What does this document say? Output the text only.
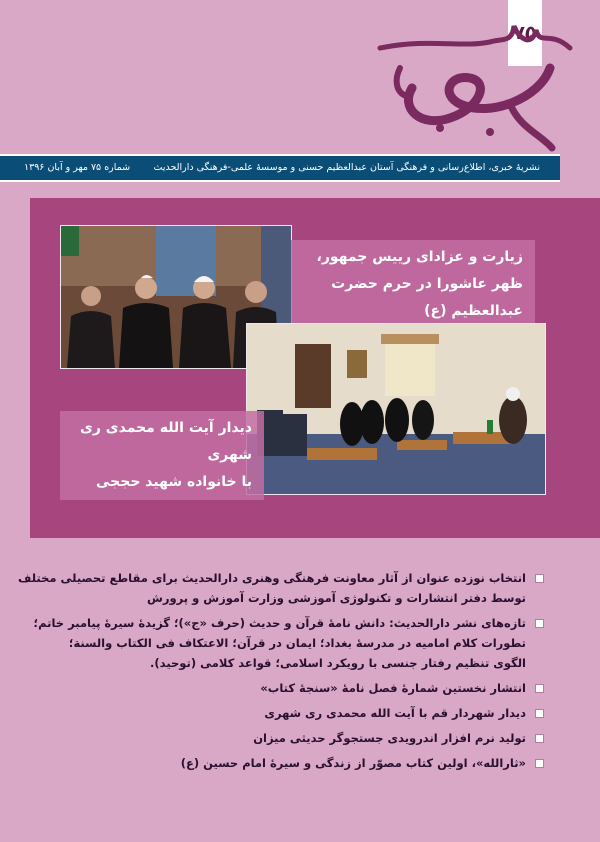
۷۵
نشریهٔ خبری، اطلاع‌رسانی و فرهنگی آستان عبدالعظیم حسنی و موسسهٔ علمی-فرهنگی دارالحدیث
شماره ۷۵ مهر و آبان ۱۳۹۶
زیارت و عزادای رییس جمهور،
ظهر عاشورا در حرم حضرت عبدالعظیم (ع)
دیدار آیت الله محمدی ری شهری
با خانواده شهید حججی
انتخاب نوزده عنوان از آثار معاونت فرهنگی وهنری دارالحدیث برای مقاطع تحصیلی مختلف
توسط دفتر انتشارات و تکنولوژی آموزشی وزارت آموزش و پرورش
تازه‌های نشر دارالحدیث: دانش نامهٔ قرآن و حدیث (حرف «ج»)؛ گزیدهٔ سیرهٔ پیامبر خاتم؛
تطورات کلام امامیه در مدرسهٔ بغداد؛ ایمان در قرآن؛ الاعتکاف فی الکتاب والسنة؛
الگوی تنظیم رفتار جنسی با رویکرد اسلامی؛ قواعد کلامی (توحید).
انتشار نخستین شمارهٔ فصل نامهٔ «سنجهٔ کتاب»
دیدار شهردار قم با آیت الله محمدی ری شهری
تولید نرم افزار اندرویدی جستجوگر حدیثی میزان
«ثارالله»، اولین کتاب مصوّر از زندگی و سیرهٔ امام حسین (ع)
